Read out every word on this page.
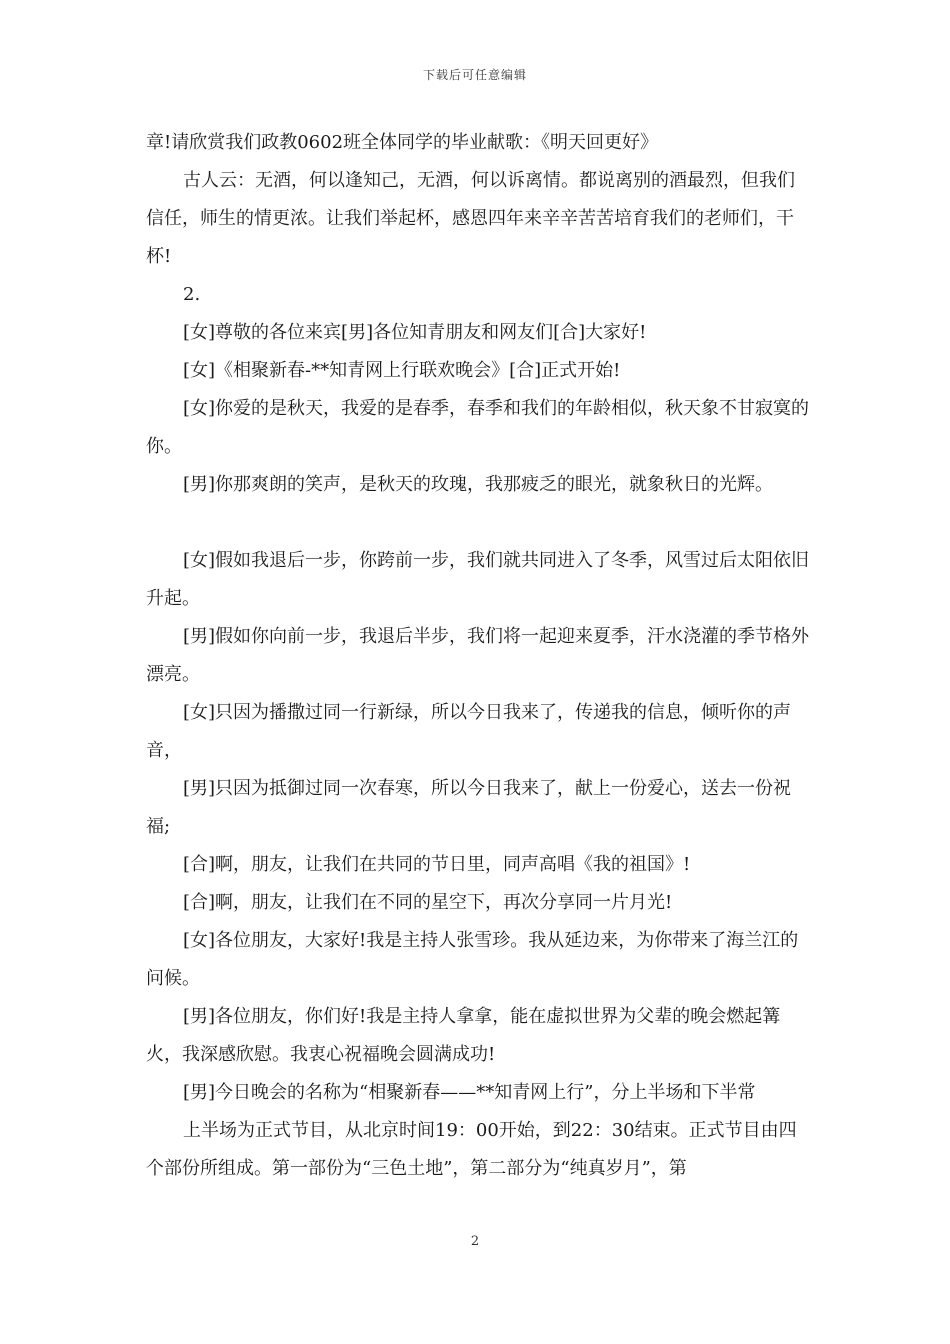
下载后可任意编辑

章!请欣赏我们政教0602班全体同学的毕业献歌：《明天回更好》

古人云：无酒，何以逢知己，无酒，何以诉离情。都说离别的酒最烈，但我们信任，师生的情更浓。让我们举起杯，感恩四年来辛辛苦苦培育我们的老师们，干杯!

2.

[女]尊敬的各位来宾[男]各位知青朋友和网友们[合]大家好!

[女]《相聚新春-**知青网上行联欢晚会》[合]正式开始!

[女]你爱的是秋天，我爱的是春季，春季和我们的年龄相似，秋天象不甘寂寞的你。

[男]你那爽朗的笑声，是秋天的玫瑰，我那疲乏的眼光，就象秋日的光辉。

[女]假如我退后一步，你跨前一步，我们就共同进入了冬季，风雪过后太阳依旧升起。

[男]假如你向前一步，我退后半步，我们将一起迎来夏季，汗水浇灌的季节格外漂亮。

[女]只因为播撒过同一行新绿，所以今日我来了，传递我的信息，倾听你的声音，

[男]只因为抵御过同一次春寒，所以今日我来了，献上一份爱心，送去一份祝福;

[合]啊，朋友，让我们在共同的节日里，同声高唱《我的祖国》!

[合]啊，朋友，让我们在不同的星空下，再次分享同一片月光!

[女]各位朋友，大家好!我是主持人张雪珍。我从延边来，为你带来了海兰江的问候。

[男]各位朋友，你们好!我是主持人拿拿，能在虚拟世界为父辈的晚会燃起篝火，我深感欣慰。我衷心祝福晚会圆满成功!

[男]今日晚会的名称为“相聚新春——**知青网上行”，分上半场和下半常

上半场为正式节目，从北京时间19：00开始，到22：30结束。正式节目由四个部份所组成。第一部份为“三色土地”，第二部分为“纯真岁月”，第

2
